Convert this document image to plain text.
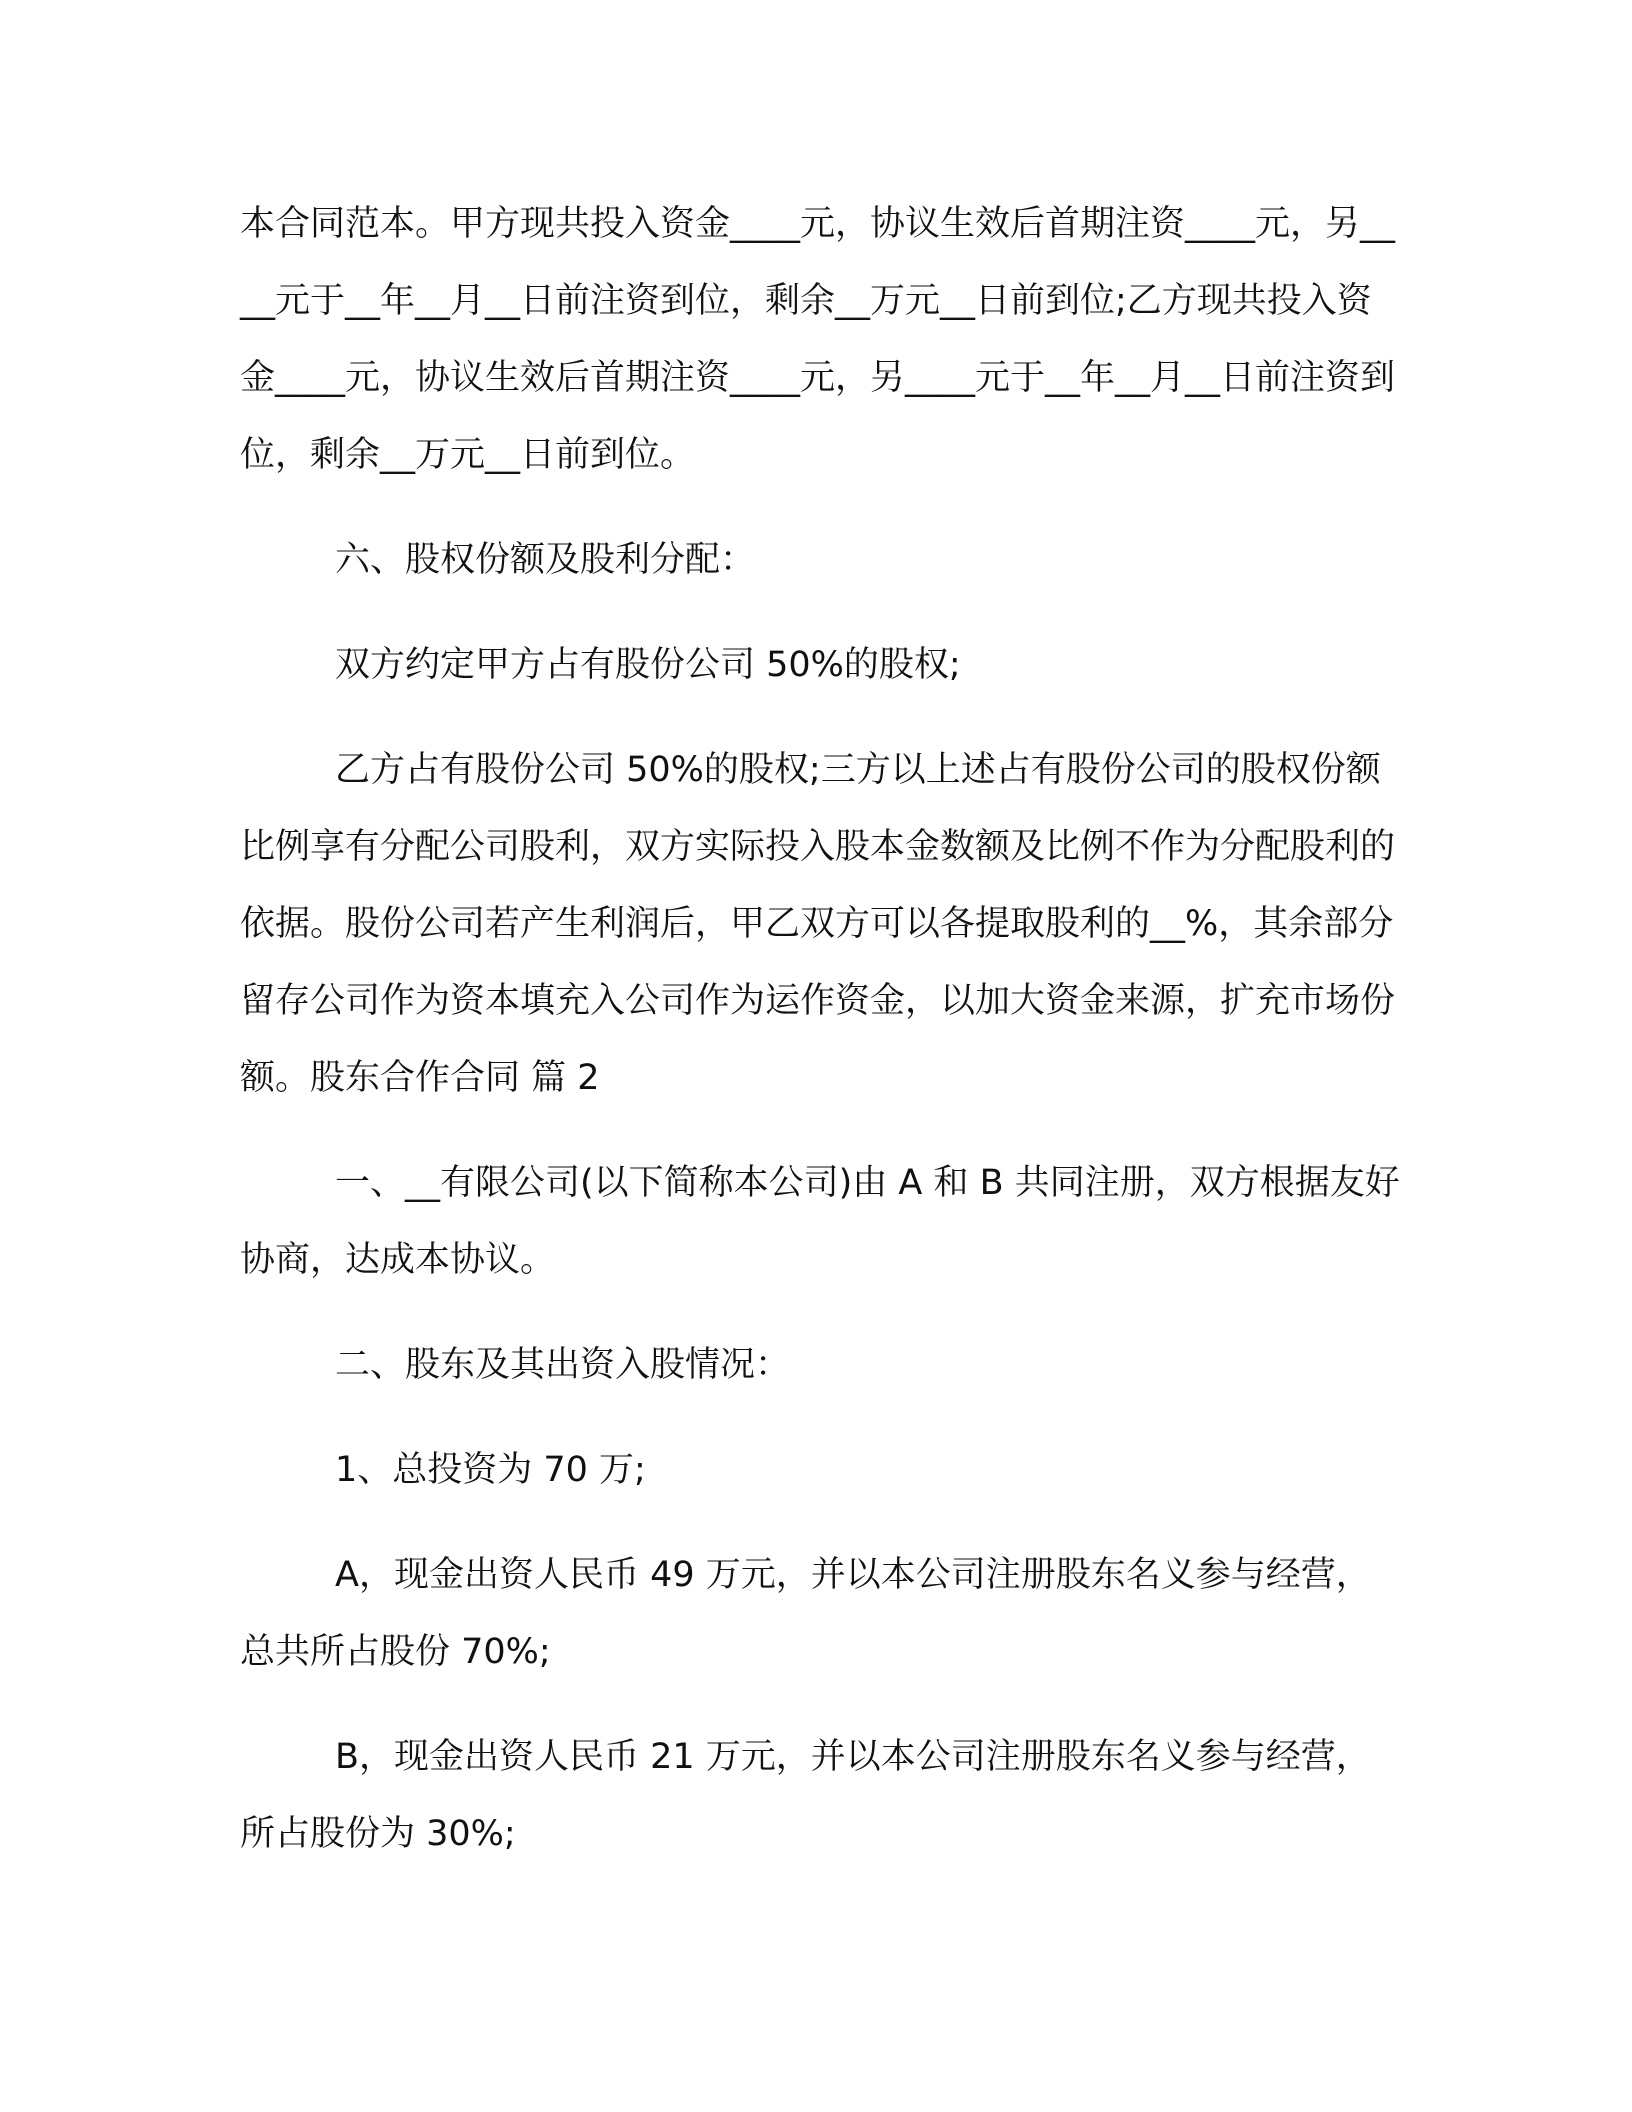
本合同范本。甲方现共投入资金____元，协议生效后首期注资____元，另____元于__年__月__日前注资到位，剩余__万元__日前到位;乙方现共投入资金____元，协议生效后首期注资____元，另____元于__年__月__日前注资到位，剩余__万元__日前到位。

六、股权份额及股利分配：

双方约定甲方占有股份公司 50%的股权;

乙方占有股份公司 50%的股权;三方以上述占有股份公司的股权份额比例享有分配公司股利，双方实际投入股本金数额及比例不作为分配股利的依据。股份公司若产生利润后，甲乙双方可以各提取股利的__%，其余部分留存公司作为资本填充入公司作为运作资金，以加大资金来源，扩充市场份额。股东合作合同 篇 2

一、__有限公司(以下简称本公司)由 A 和 B 共同注册，双方根据友好协商，达成本协议。

二、股东及其出资入股情况：

1、总投资为 70 万;

A，现金出资人民币 49 万元，并以本公司注册股东名义参与经营，总共所占股份 70%;

B，现金出资人民币 21 万元，并以本公司注册股东名义参与经营，所占股份为 30%;
